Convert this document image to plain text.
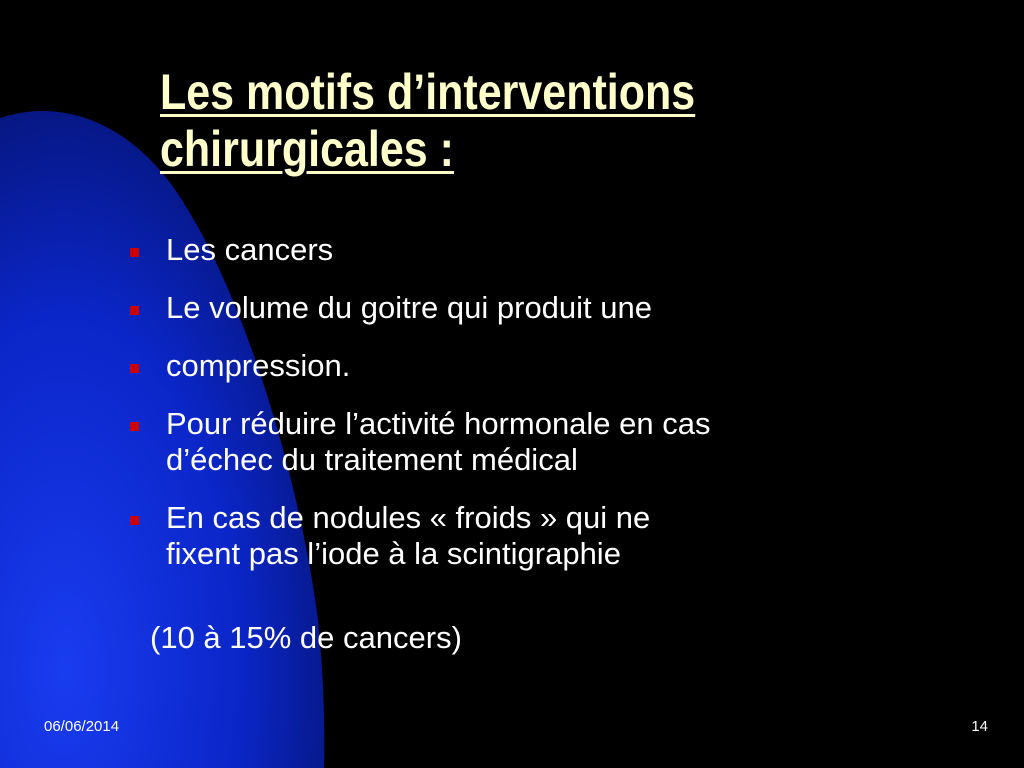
Les motifs d’interventions
chirurgicales :
Les cancers
Le volume du goitre qui produit une
compression.
Pour réduire l’activité hormonale en cas
d’échec du traitement médical
En cas de nodules « froids » qui ne
fixent pas l’iode à la scintigraphie
(10 à 15% de cancers)
06/06/2014	14
